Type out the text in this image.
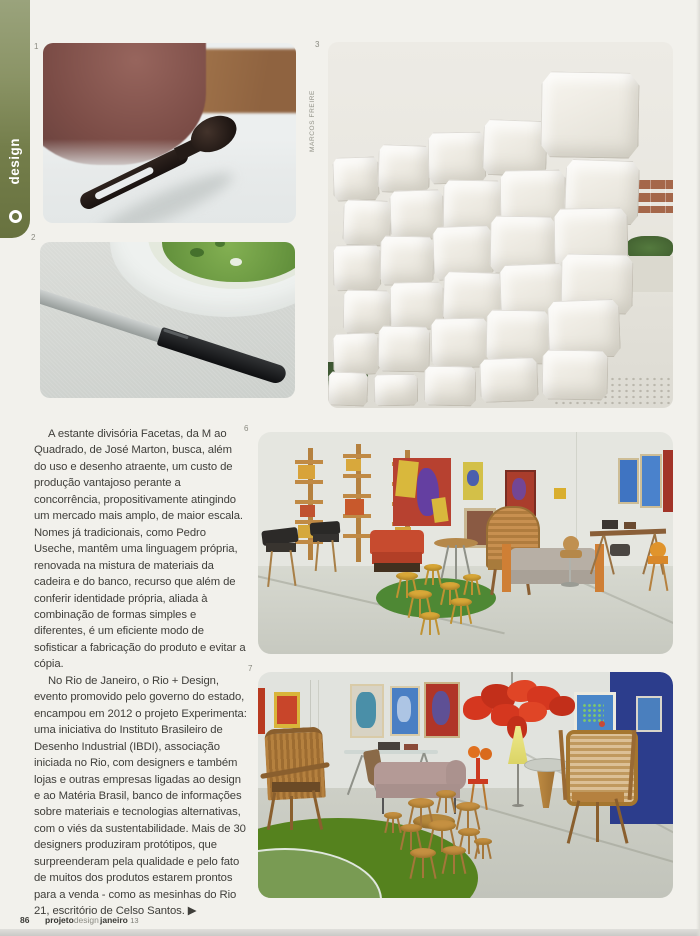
design
1
2
3
6
7
MARCOS FREIRE

A estante divisória Facetas, da M ao Quadrado, de José Marton, busca, além do uso e desenho atraente, um custo de produção vantajoso perante a concorrência, propositivamente atingindo um mercado mais amplo, de maior escala. Nomes já tradicionais, como Pedro Useche, mantêm uma linguagem própria, renovada na mistura de materiais da cadeira e do banco, recurso que além de conferir identidade própria, aliada à combinação de formas simples e diferentes, é um eficiente modo de sofisticar a fabricação do produto e evitar a cópia.

No Rio de Janeiro, o Rio + Design, evento promovido pelo governo do estado, encampou em 2012 o projeto Experimenta: uma iniciativa do Instituto Brasileiro de Desenho Industrial (IBDI), associação iniciada no Rio, com designers e também lojas e outras empresas ligadas ao design e ao Matéria Brasil, banco de informações sobre materiais e tecnologias alternativas, com o viés da sustentabilidade. Mais de 30 designers produziram protótipos, que surpreenderam pela qualidade e pelo fato de muitos dos produtos estarem prontos para a venda - como as mesinhas do Rio 21, escritório de Celso Santos. ▶

86 projetodesign janeiro 13
